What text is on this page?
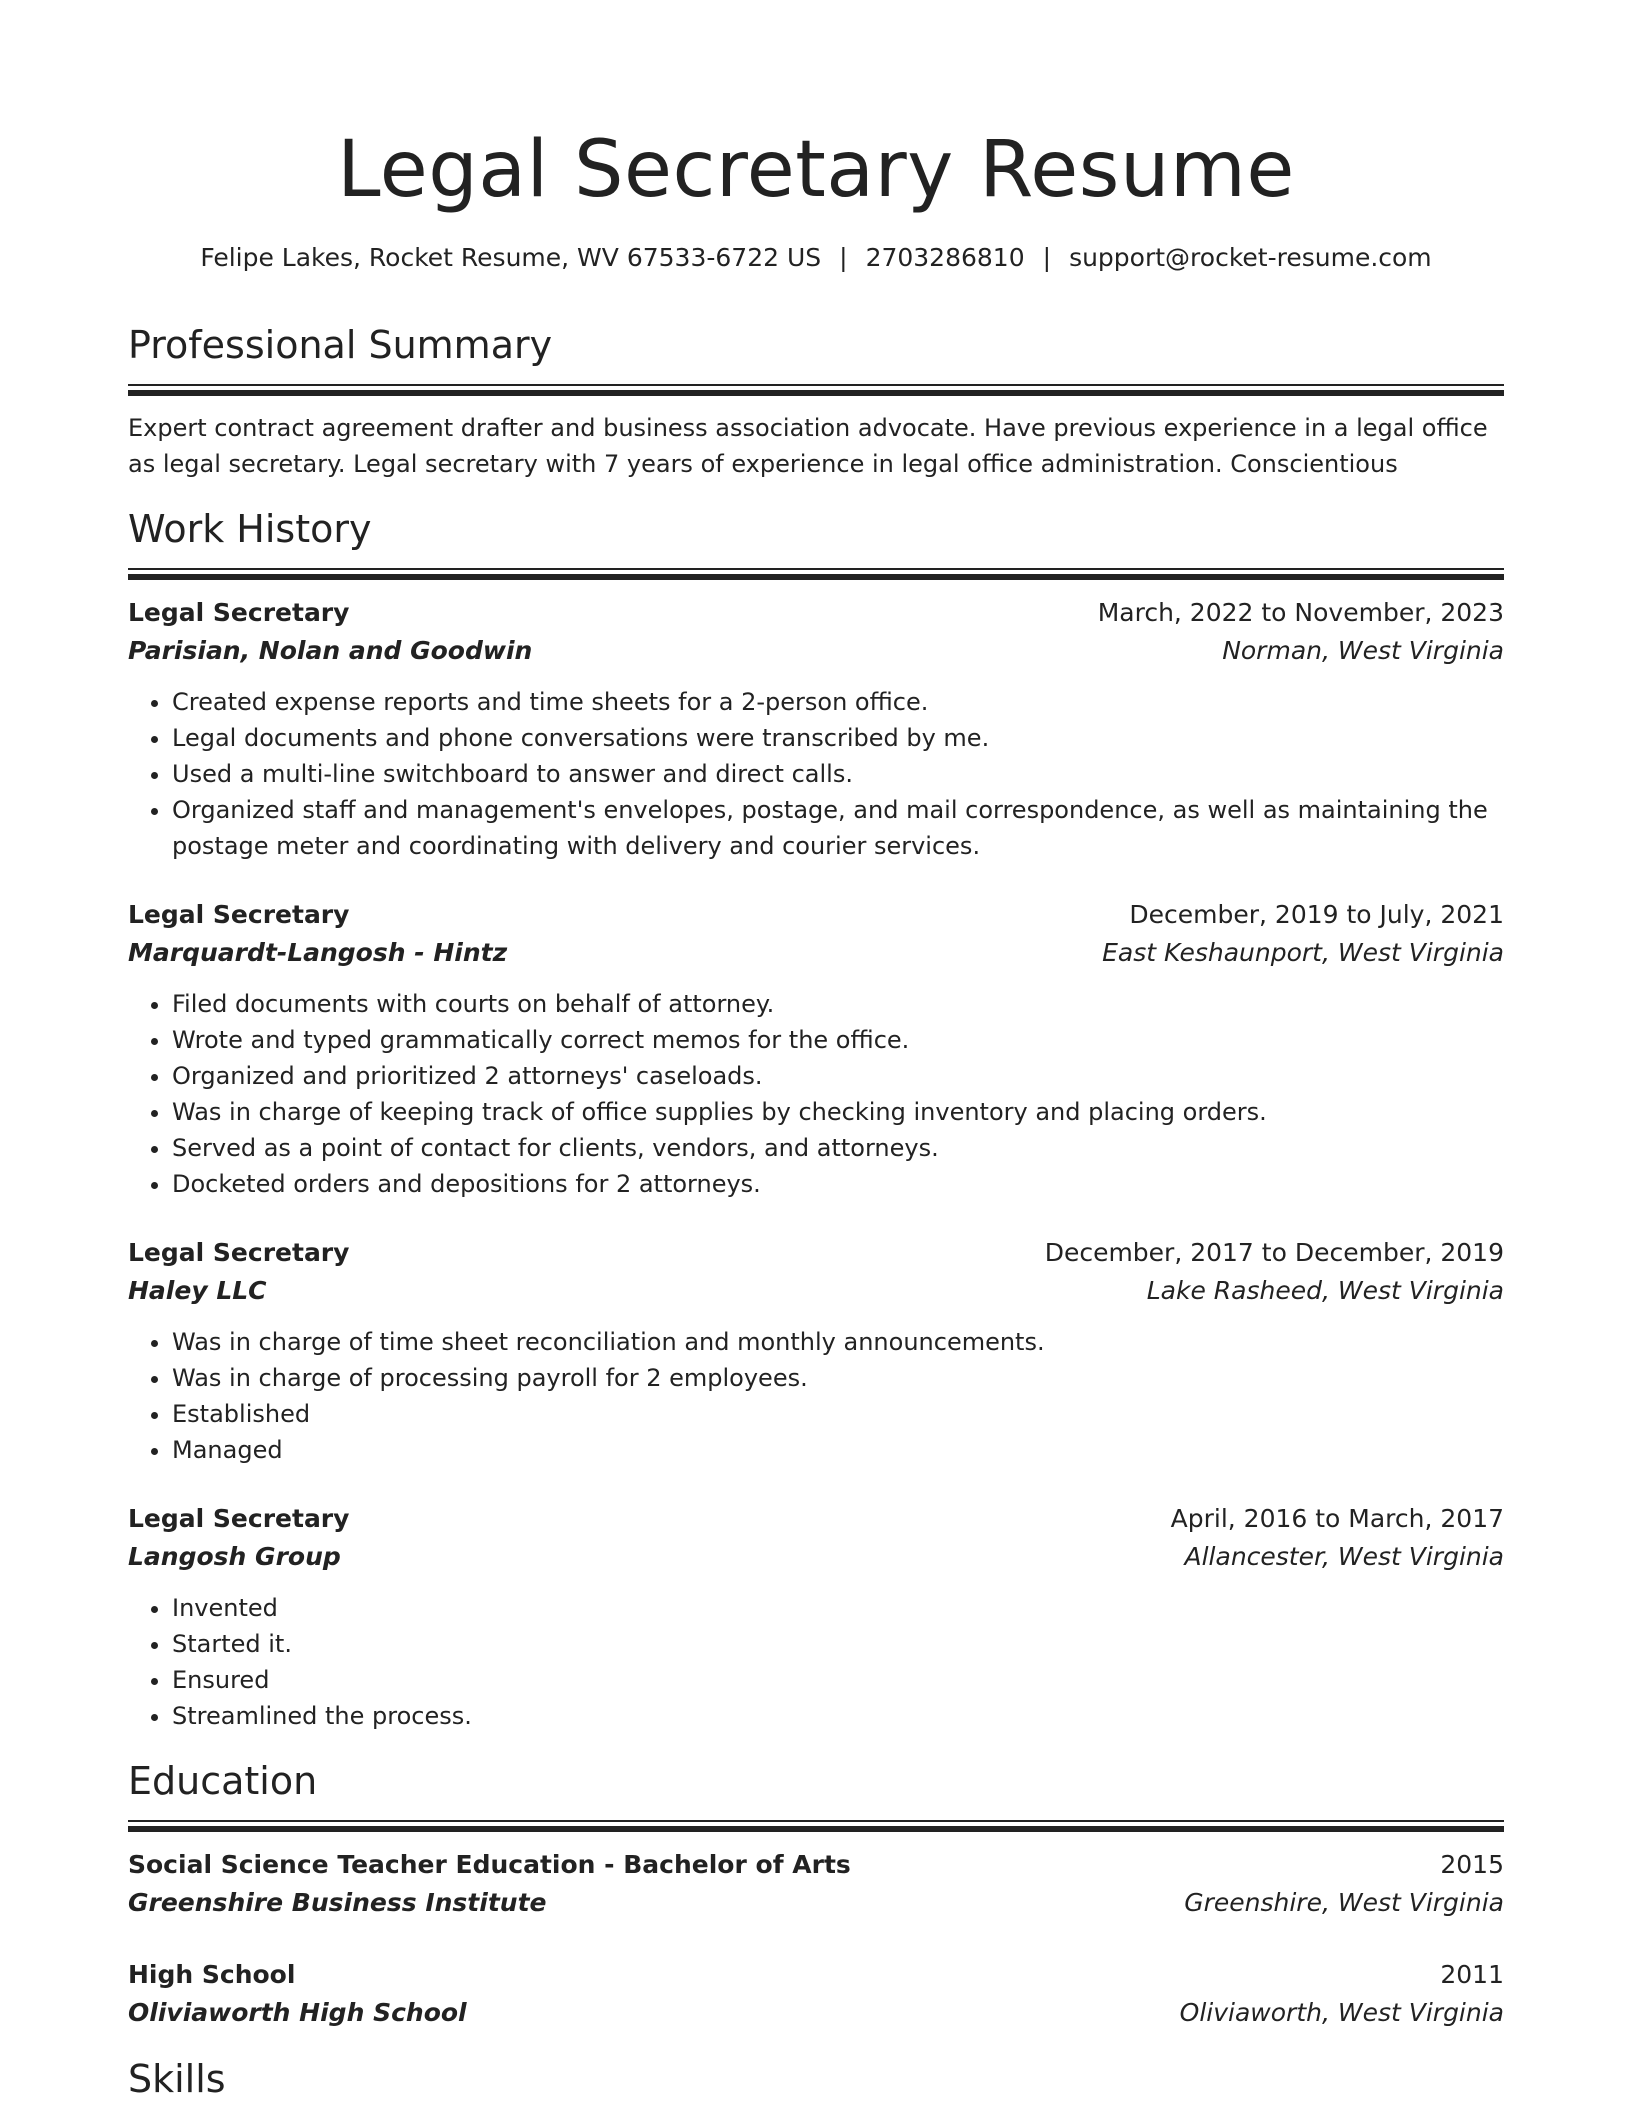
Legal Secretary Resume
Felipe Lakes, Rocket Resume, WV 67533-6722 US | 2703286810 | support@rocket-resume.com
Professional Summary
Expert contract agreement drafter and business association advocate. Have previous experience in a legal office as legal secretary. Legal secretary with 7 years of experience in legal office administration. Conscientious
Work History
Legal Secretary	March, 2022 to November, 2023
Parisian, Nolan and Goodwin	Norman, West Virginia
• Created expense reports and time sheets for a 2-person office.
• Legal documents and phone conversations were transcribed by me.
• Used a multi-line switchboard to answer and direct calls.
• Organized staff and management's envelopes, postage, and mail correspondence, as well as maintaining the postage meter and coordinating with delivery and courier services.
Legal Secretary	December, 2019 to July, 2021
Marquardt-Langosh - Hintz	East Keshaunport, West Virginia
• Filed documents with courts on behalf of attorney.
• Wrote and typed grammatically correct memos for the office.
• Organized and prioritized 2 attorneys' caseloads.
• Was in charge of keeping track of office supplies by checking inventory and placing orders.
• Served as a point of contact for clients, vendors, and attorneys.
• Docketed orders and depositions for 2 attorneys.
Legal Secretary	December, 2017 to December, 2019
Haley LLC	Lake Rasheed, West Virginia
• Was in charge of time sheet reconciliation and monthly announcements.
• Was in charge of processing payroll for 2 employees.
• Established
• Managed
Legal Secretary	April, 2016 to March, 2017
Langosh Group	Allancester, West Virginia
• Invented
• Started it.
• Ensured
• Streamlined the process.
Education
Social Science Teacher Education - Bachelor of Arts	2015
Greenshire Business Institute	Greenshire, West Virginia
High School	2011
Oliviaworth High School	Oliviaworth, West Virginia
Skills
